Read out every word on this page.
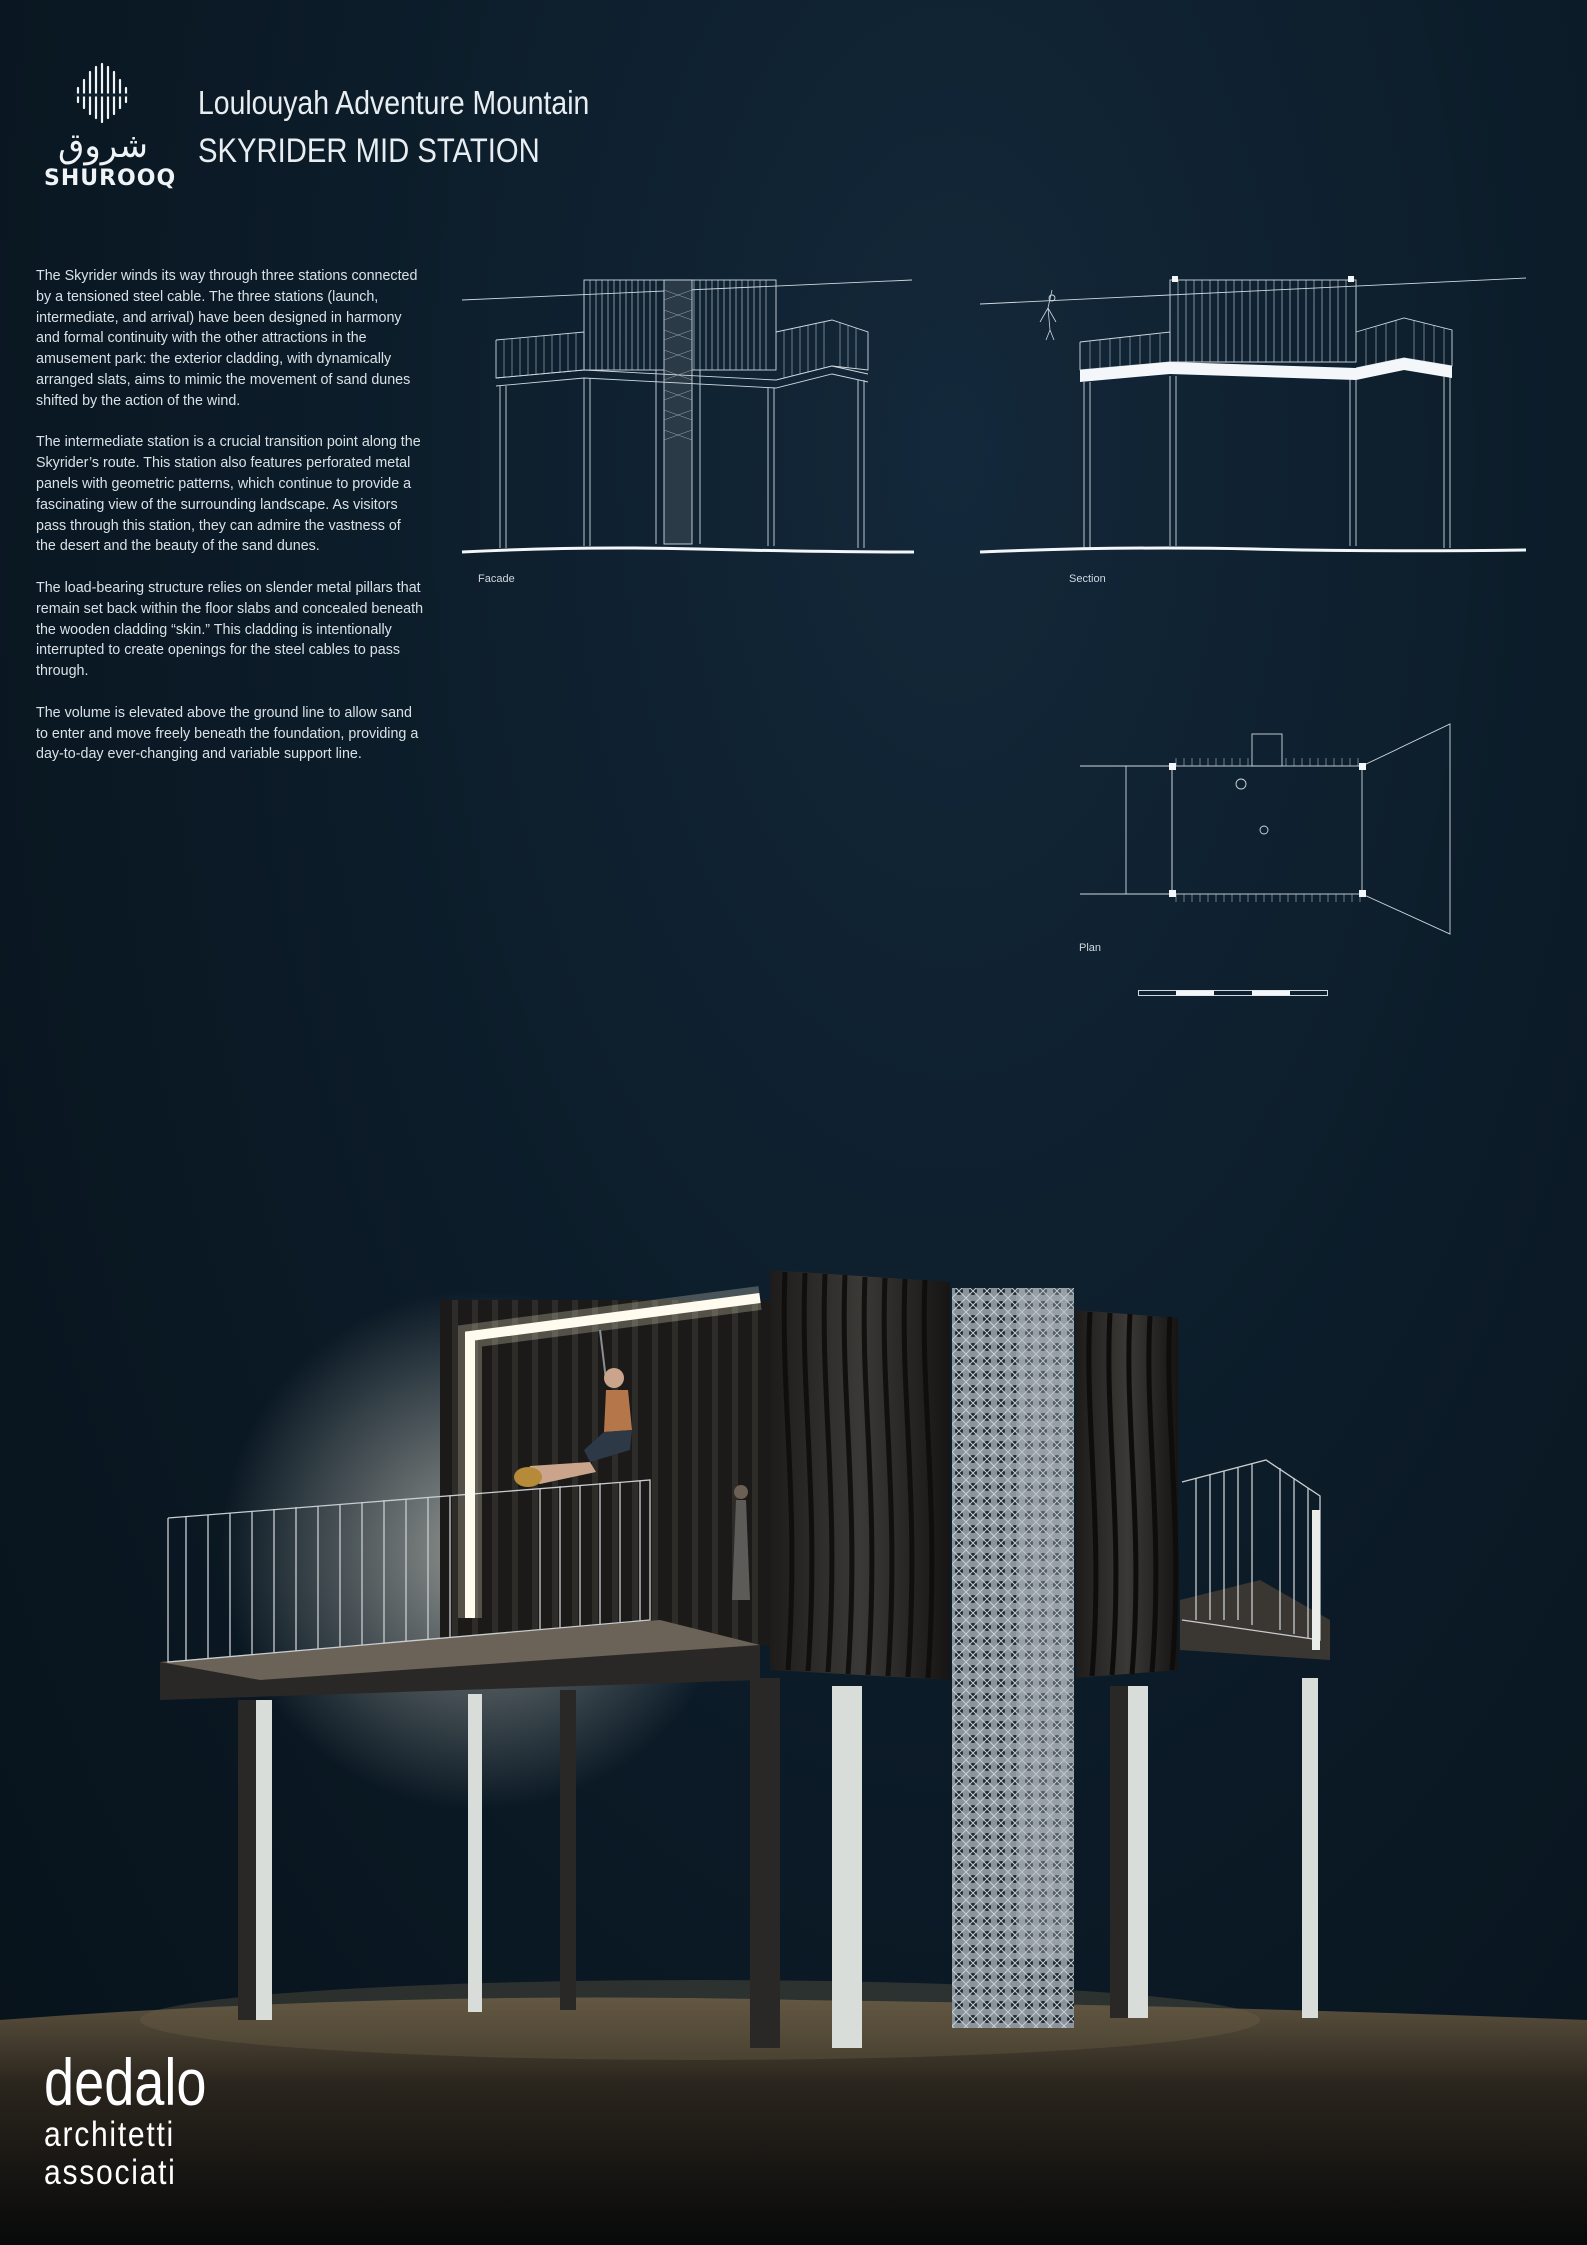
شروق
SHUROOQ
Loulouyah Adventure Mountain
SKYRIDER MID STATION

The Skyrider winds its way through three stations connected by a tensioned steel cable. The three stations (launch, intermediate, and arrival) have been designed in harmony and formal continuity with the other attractions in the amusement park: the exterior cladding, with dynamically arranged slats, aims to mimic the movement of sand dunes shifted by the action of the wind.

The intermediate station is a crucial transition point along the Skyrider’s route. This station also features perforated metal panels with geometric patterns, which continue to provide a fascinating view of the surrounding landscape. As visitors pass through this station, they can admire the vastness of the desert and the beauty of the sand dunes.

The load-bearing structure relies on slender metal pillars that remain set back within the floor slabs and concealed beneath the wooden cladding “skin.” This cladding is intentionally interrupted to create openings for the steel cables to pass through.

The volume is elevated above the ground line to allow sand to enter and move freely beneath the foundation, providing a day-to-day ever-changing and variable support line.

Facade	Section
Plan
dedalo
architetti
associati
